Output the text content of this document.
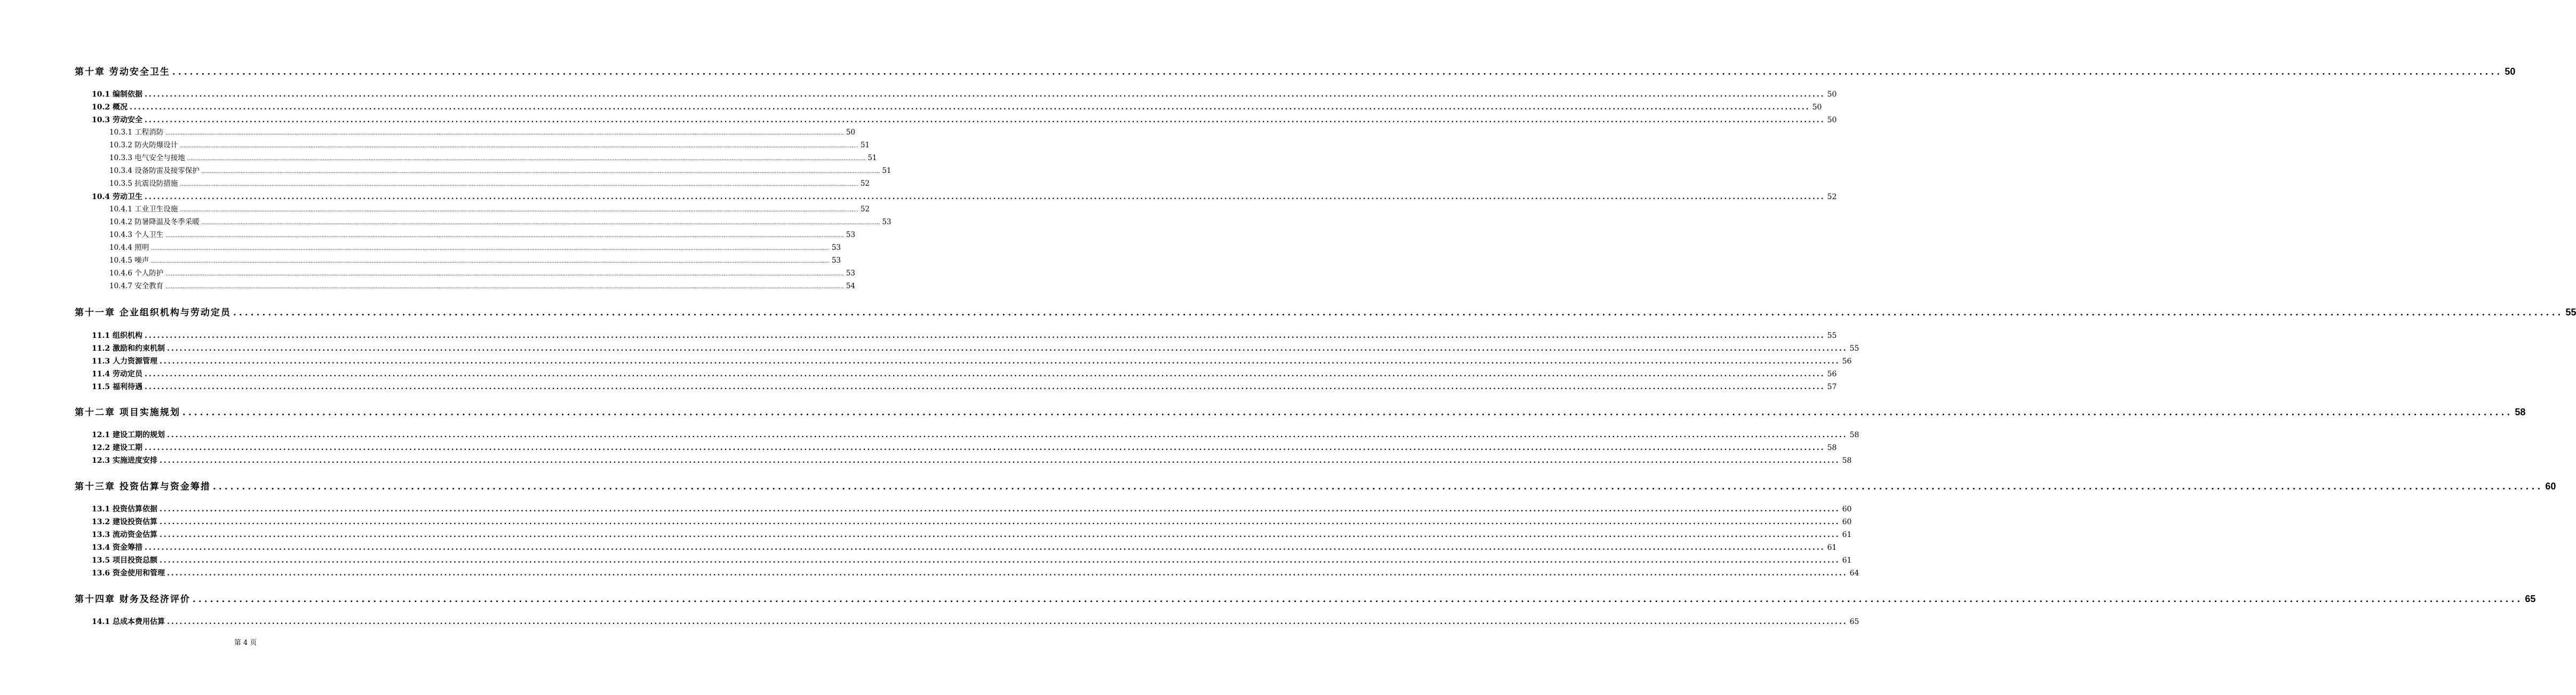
第十章 劳动安全卫生 ................................................................................................................................................................................................................................................................................................................................................................................................................ 50
10.1 编制依据 ................................................................................................................................................................................................................................................................................................................................................................................................................ 50
10.2 概况 ................................................................................................................................................................................................................................................................................................................................................................................................................ 50
10.3 劳动安全 ................................................................................................................................................................................................................................................................................................................................................................................................................ 50
10.3.1 工程消防 ................................................................................................................................................................................................................................................................................................................................................................................................................ 50
10.3.2 防火防爆设计 ................................................................................................................................................................................................................................................................................................................................................................................................................ 51
10.3.3 电气安全与接地 ................................................................................................................................................................................................................................................................................................................................................................................................................ 51
10.3.4 设备防雷及接零保护 ................................................................................................................................................................................................................................................................................................................................................................................................................ 51
10.3.5 抗震设防措施 ................................................................................................................................................................................................................................................................................................................................................................................................................ 52
10.4 劳动卫生 ................................................................................................................................................................................................................................................................................................................................................................................................................ 52
10.4.1 工业卫生设施 ................................................................................................................................................................................................................................................................................................................................................................................................................ 52
10.4.2 防暑降温及冬季采暖 ................................................................................................................................................................................................................................................................................................................................................................................................................ 53
10.4.3 个人卫生 ................................................................................................................................................................................................................................................................................................................................................................................................................ 53
10.4.4 照明 ................................................................................................................................................................................................................................................................................................................................................................................................................ 53
10.4.5 噪声 ................................................................................................................................................................................................................................................................................................................................................................................................................ 53
10.4.6 个人防护 ................................................................................................................................................................................................................................................................................................................................................................................................................ 53
10.4.7 安全教育 ................................................................................................................................................................................................................................................................................................................................................................................................................ 54
第十一章 企业组织机构与劳动定员 ................................................................................................................................................................................................................................................................................................................................................................................................................ 55
11.1 组织机构 ................................................................................................................................................................................................................................................................................................................................................................................................................ 55
11.2 激励和约束机制 ................................................................................................................................................................................................................................................................................................................................................................................................................ 55
11.3 人力资源管理 ................................................................................................................................................................................................................................................................................................................................................................................................................ 56
11.4 劳动定员 ................................................................................................................................................................................................................................................................................................................................................................................................................ 56
11.5 福利待遇 ................................................................................................................................................................................................................................................................................................................................................................................................................ 57
第十二章 项目实施规划 ................................................................................................................................................................................................................................................................................................................................................................................................................ 58
12.1 建设工期的规划 ................................................................................................................................................................................................................................................................................................................................................................................................................ 58
12.2 建设工期 ................................................................................................................................................................................................................................................................................................................................................................................................................ 58
12.3 实施进度安排 ................................................................................................................................................................................................................................................................................................................................................................................................................ 58
第十三章 投资估算与资金筹措 ................................................................................................................................................................................................................................................................................................................................................................................................................ 60
13.1 投资估算依据 ................................................................................................................................................................................................................................................................................................................................................................................................................ 60
13.2 建设投资估算 ................................................................................................................................................................................................................................................................................................................................................................................................................ 60
13.3 流动资金估算 ................................................................................................................................................................................................................................................................................................................................................................................................................ 61
13.4 资金筹措 ................................................................................................................................................................................................................................................................................................................................................................................................................ 61
13.5 项目投资总额 ................................................................................................................................................................................................................................................................................................................................................................................................................ 61
13.6 资金使用和管理 ................................................................................................................................................................................................................................................................................................................................................................................................................ 64
第十四章 财务及经济评价 ................................................................................................................................................................................................................................................................................................................................................................................................................ 65
14.1 总成本费用估算 ................................................................................................................................................................................................................................................................................................................................................................................................................ 65
第 4 页
